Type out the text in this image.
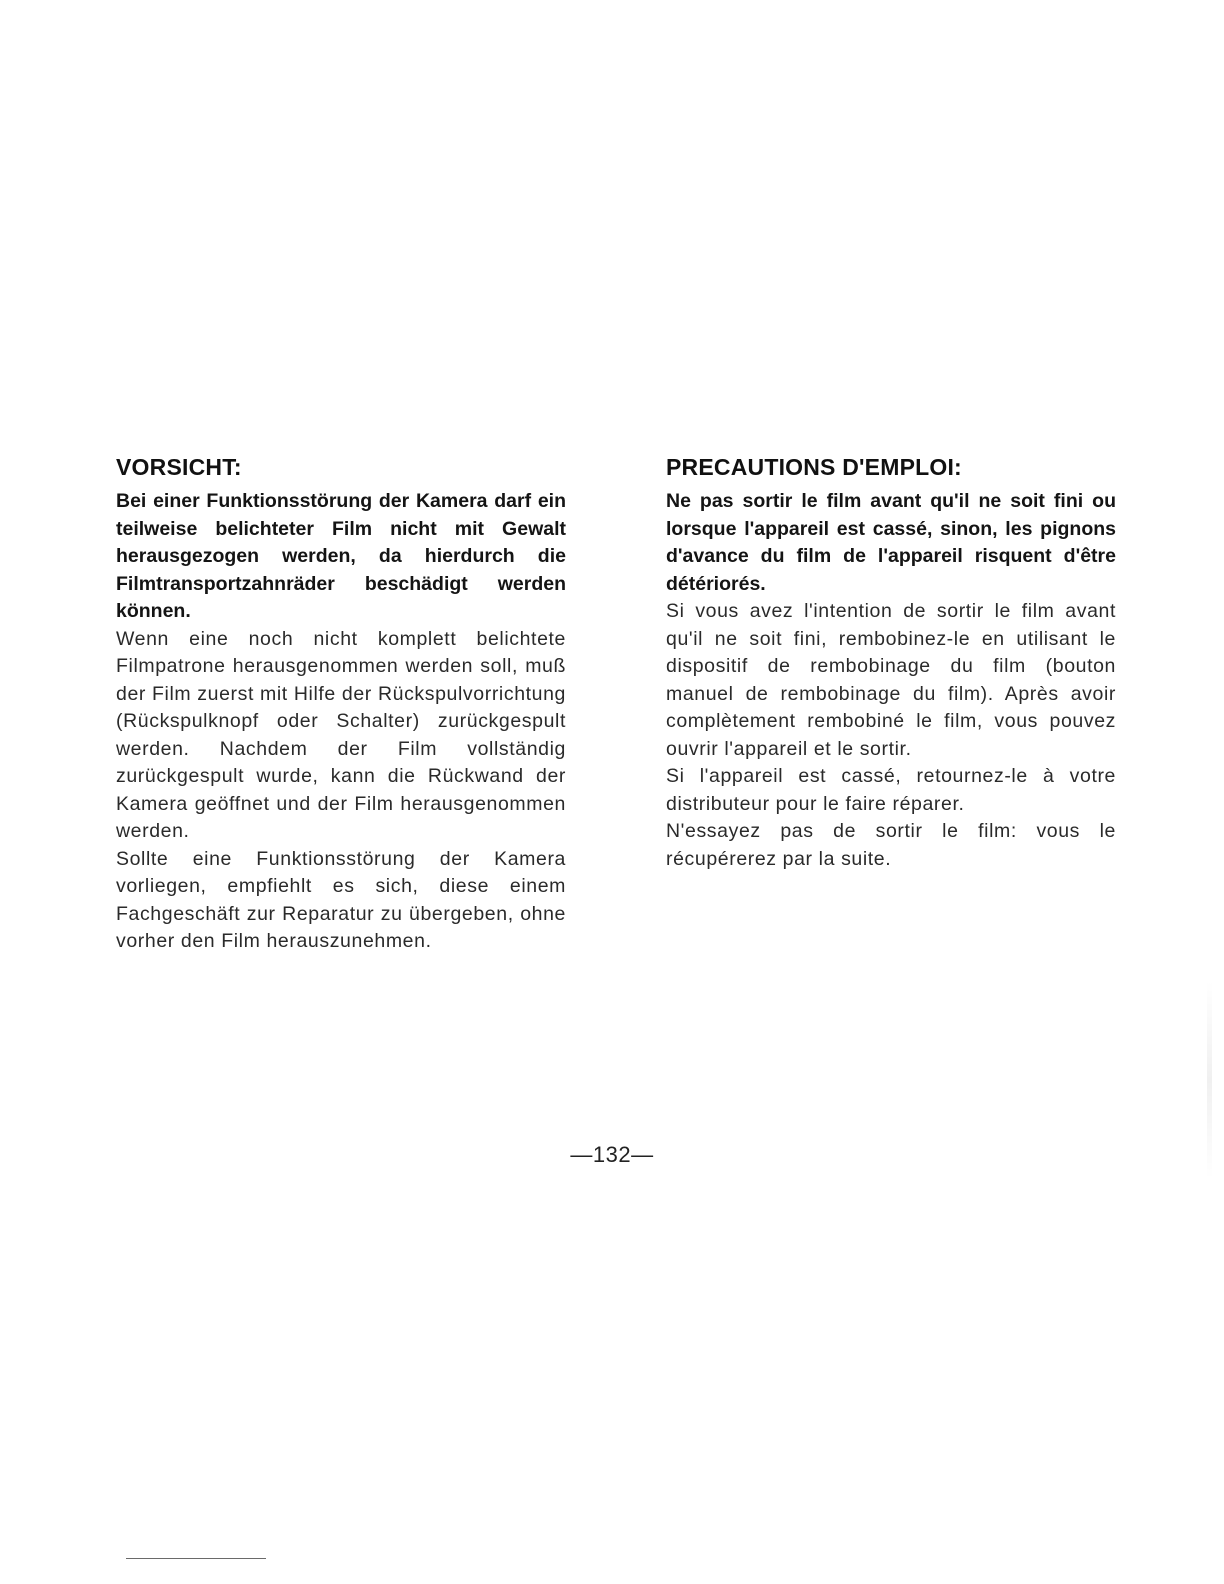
VORSICHT:

Bei einer Funktionsstörung der Kamera darf ein teilweise belichteter Film nicht mit Gewalt herausgezogen werden, da hierdurch die Filmtransportzahnräder beschädigt werden können.

Wenn eine noch nicht komplett belichtete Filmpatrone herausgenommen werden soll, muß der Film zuerst mit Hilfe der Rückspulvorrichtung (Rückspulknopf oder Schalter) zurückgespult werden. Nachdem der Film vollständig zurückgespult wurde, kann die Rückwand der Kamera geöffnet und der Film herausgenommen werden.

Sollte eine Funktionsstörung der Kamera vorliegen, empfiehlt es sich, diese einem Fachgeschäft zur Reparatur zu übergeben, ohne vorher den Film herauszunehmen.

PRECAUTIONS D'EMPLOI:

Ne pas sortir le film avant qu'il ne soit fini ou lorsque l'appareil est cassé, sinon, les pignons d'avance du film de l'appareil risquent d'être détériorés.

Si vous avez l'intention de sortir le film avant qu'il ne soit fini, rembobinez-le en utilisant le dispositif de rembobinage du film (bouton manuel de rembobinage du film). Après avoir complètement rembobiné le film, vous pouvez ouvrir l'appareil et le sortir.

Si l'appareil est cassé, retournez-le à votre distributeur pour le faire réparer.

N'essayez pas de sortir le film: vous le récupérerez par la suite.

—132—
